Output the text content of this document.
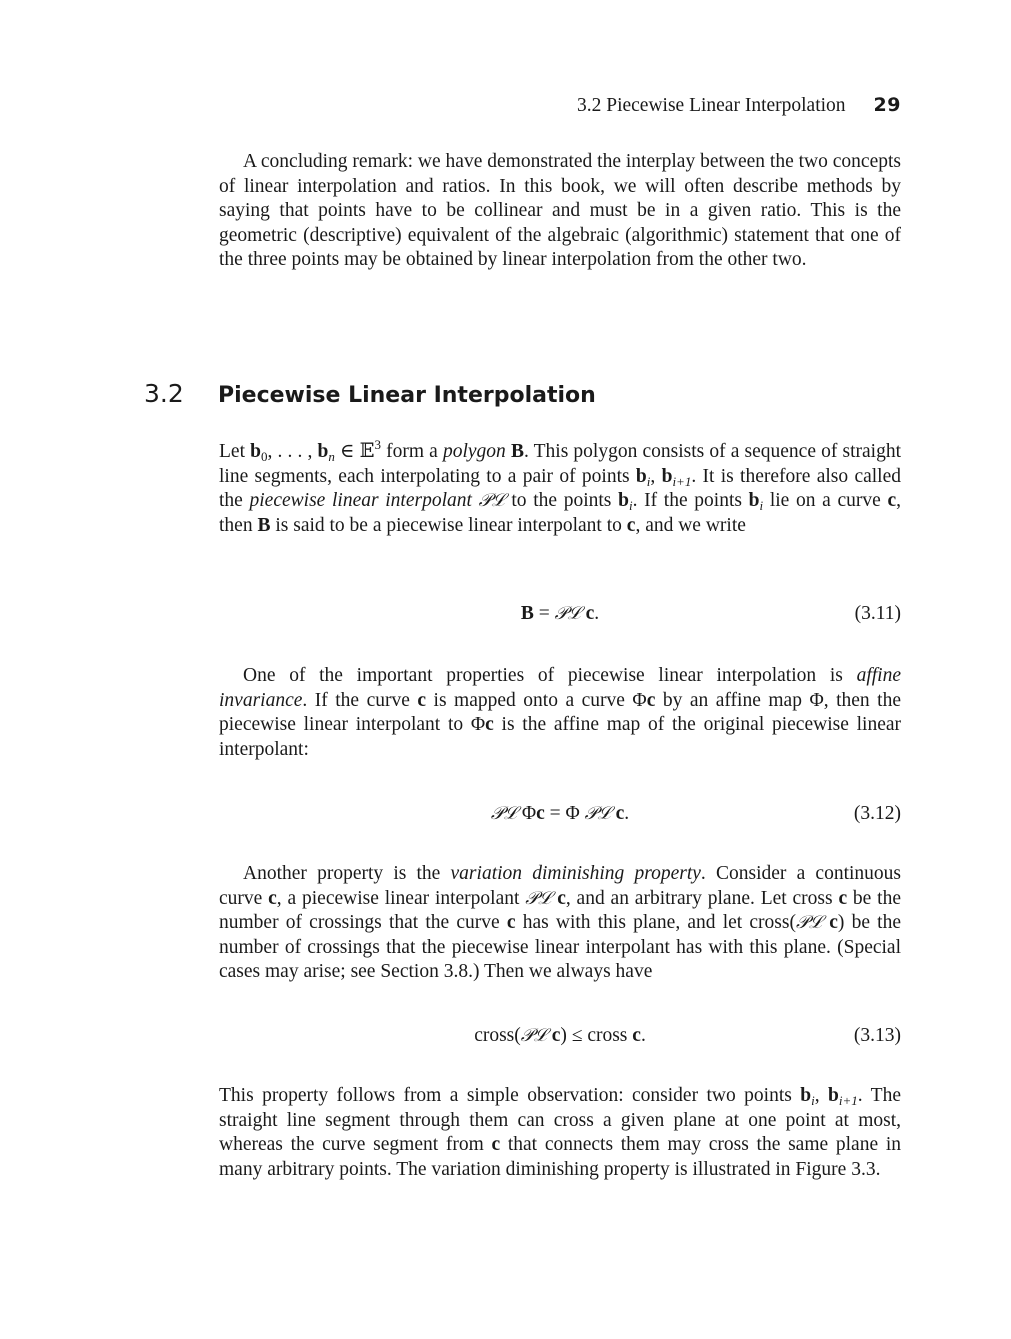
3.2 Piecewise Linear Interpolation 29

A concluding remark: we have demonstrated the interplay between the two concepts of linear interpolation and ratios. In this book, we will often describe methods by saying that points have to be collinear and must be in a given ratio. This is the geometric (descriptive) equivalent of the algebraic (algorithmic) statement that one of the three points may be obtained by linear interpolation from the other two.

3.2 Piecewise Linear Interpolation

Let $b_0$, . . . , $b_n$ ∈ 𝔼$^3$ form a polygon B. This polygon consists of a sequence of straight line segments, each interpolating to a pair of points $b_i$, $b_{i+1}$. It is therefore also called the piecewise linear interpolant 𝒫ℒ to the points $b_i$. If the points $b_i$ lie on a curve c, then B is said to be a piecewise linear interpolant to c, and we write

B = 𝒫ℒ c.	(3.11)

One of the important properties of piecewise linear interpolation is affine invariance. If the curve c is mapped onto a curve Φc by an affine map Φ, then the piecewise linear interpolant to Φc is the affine map of the original piecewise linear interpolant:

𝒫ℒ Φc = Φ 𝒫ℒ c.	(3.12)

Another property is the variation diminishing property. Consider a continuous curve c, a piecewise linear interpolant 𝒫ℒ c, and an arbitrary plane. Let cross c be the number of crossings that the curve c has with this plane, and let cross(𝒫ℒ c) be the number of crossings that the piecewise linear interpolant has with this plane. (Special cases may arise; see Section 3.8.) Then we always have

cross(𝒫ℒ c) ≤ cross c.	(3.13)

This property follows from a simple observation: consider two points $b_i$, $b_{i+1}$. The straight line segment through them can cross a given plane at one point at most, whereas the curve segment from c that connects them may cross the same plane in many arbitrary points. The variation diminishing property is illustrated in Figure 3.3.
